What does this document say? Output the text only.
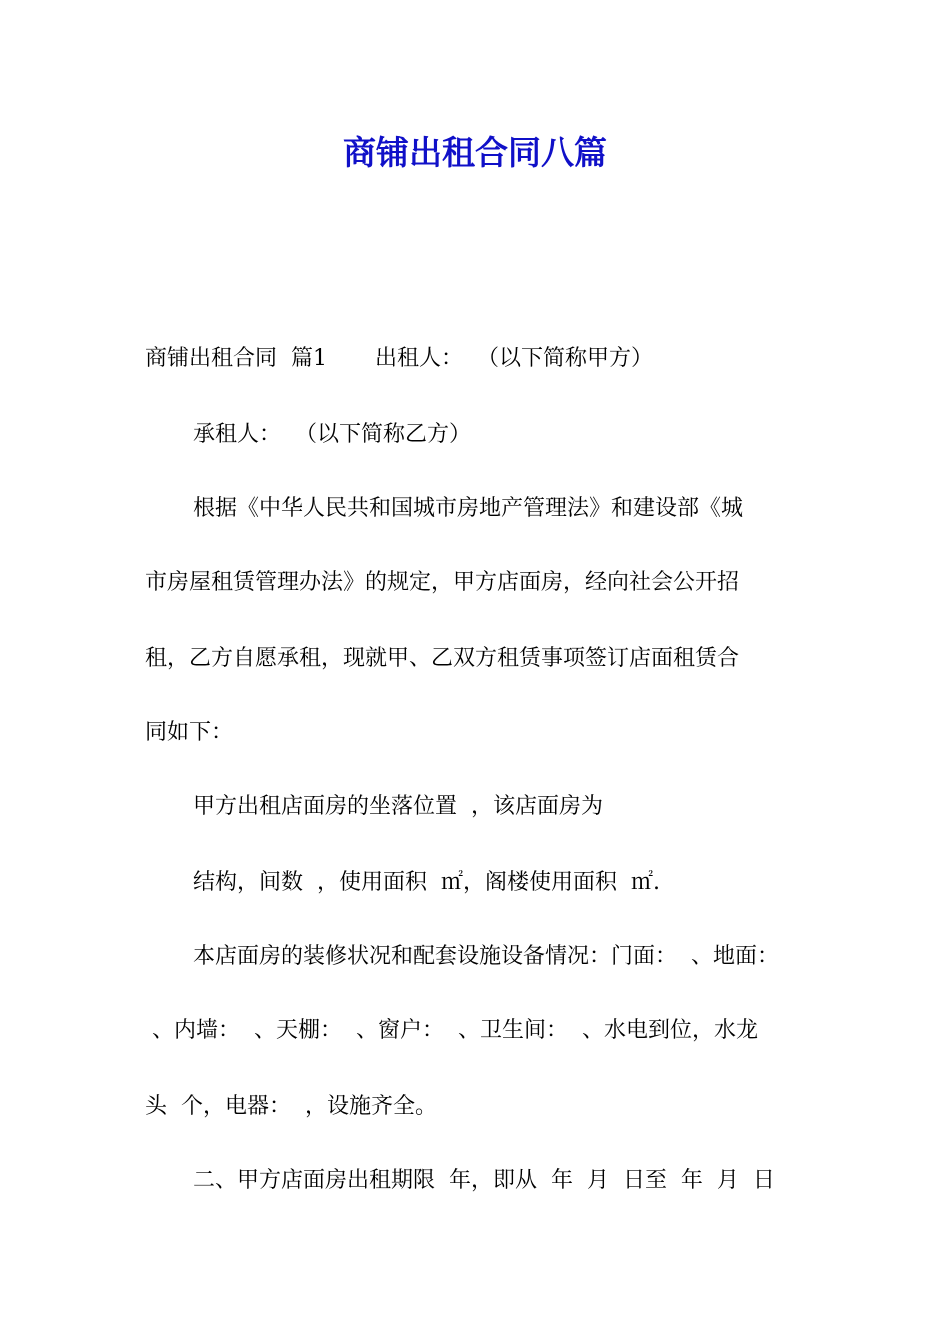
商铺出租合同八篇
商铺出租合同  篇1 出租人：  （以下简称甲方）
承租人：  （以下简称乙方）
根据《中华人民共和国城市房地产管理法》和建设部《城
市房屋租赁管理办法》的规定，甲方店面房，经向社会公开招
租，乙方自愿承租，现就甲、乙双方租赁事项签订店面租赁合
同如下：
甲方出租店面房的坐落位置  ，该店面房为
结构，间数  ，使用面积  ㎡，阁楼使用面积  ㎡.
本店面房的装修状况和配套设施设备情况：门面：  、地面：
、内墙：  、天棚：  、窗户：  、卫生间：  、水电到位，水龙
头  个，电器：  ，设施齐全。
二、甲方店面房出租期限  年，即从  年  月  日至  年  月  日
